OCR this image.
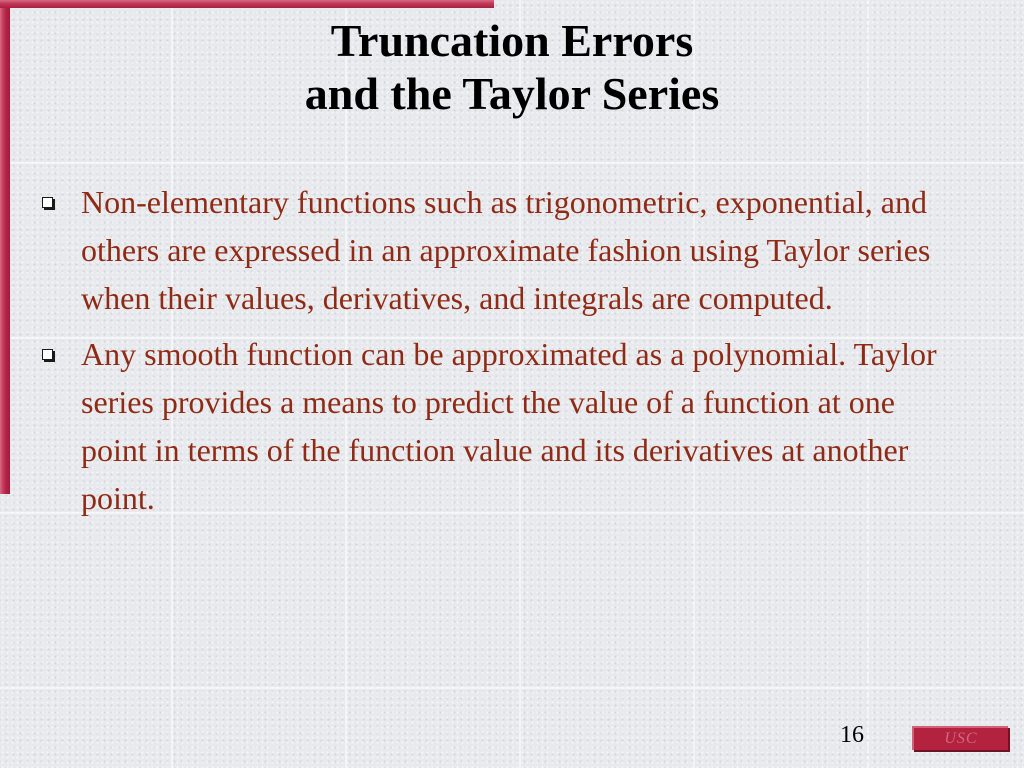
Truncation Errors
and the Taylor Series
Non-elementary functions such as trigonometric, exponential, and others are expressed in an approximate fashion using Taylor series when their values, derivatives, and integrals are computed.
Any smooth function can be approximated as a polynomial. Taylor series provides a means to predict the value of a function at one point in terms of the function value and its derivatives at another point.
16	USC
